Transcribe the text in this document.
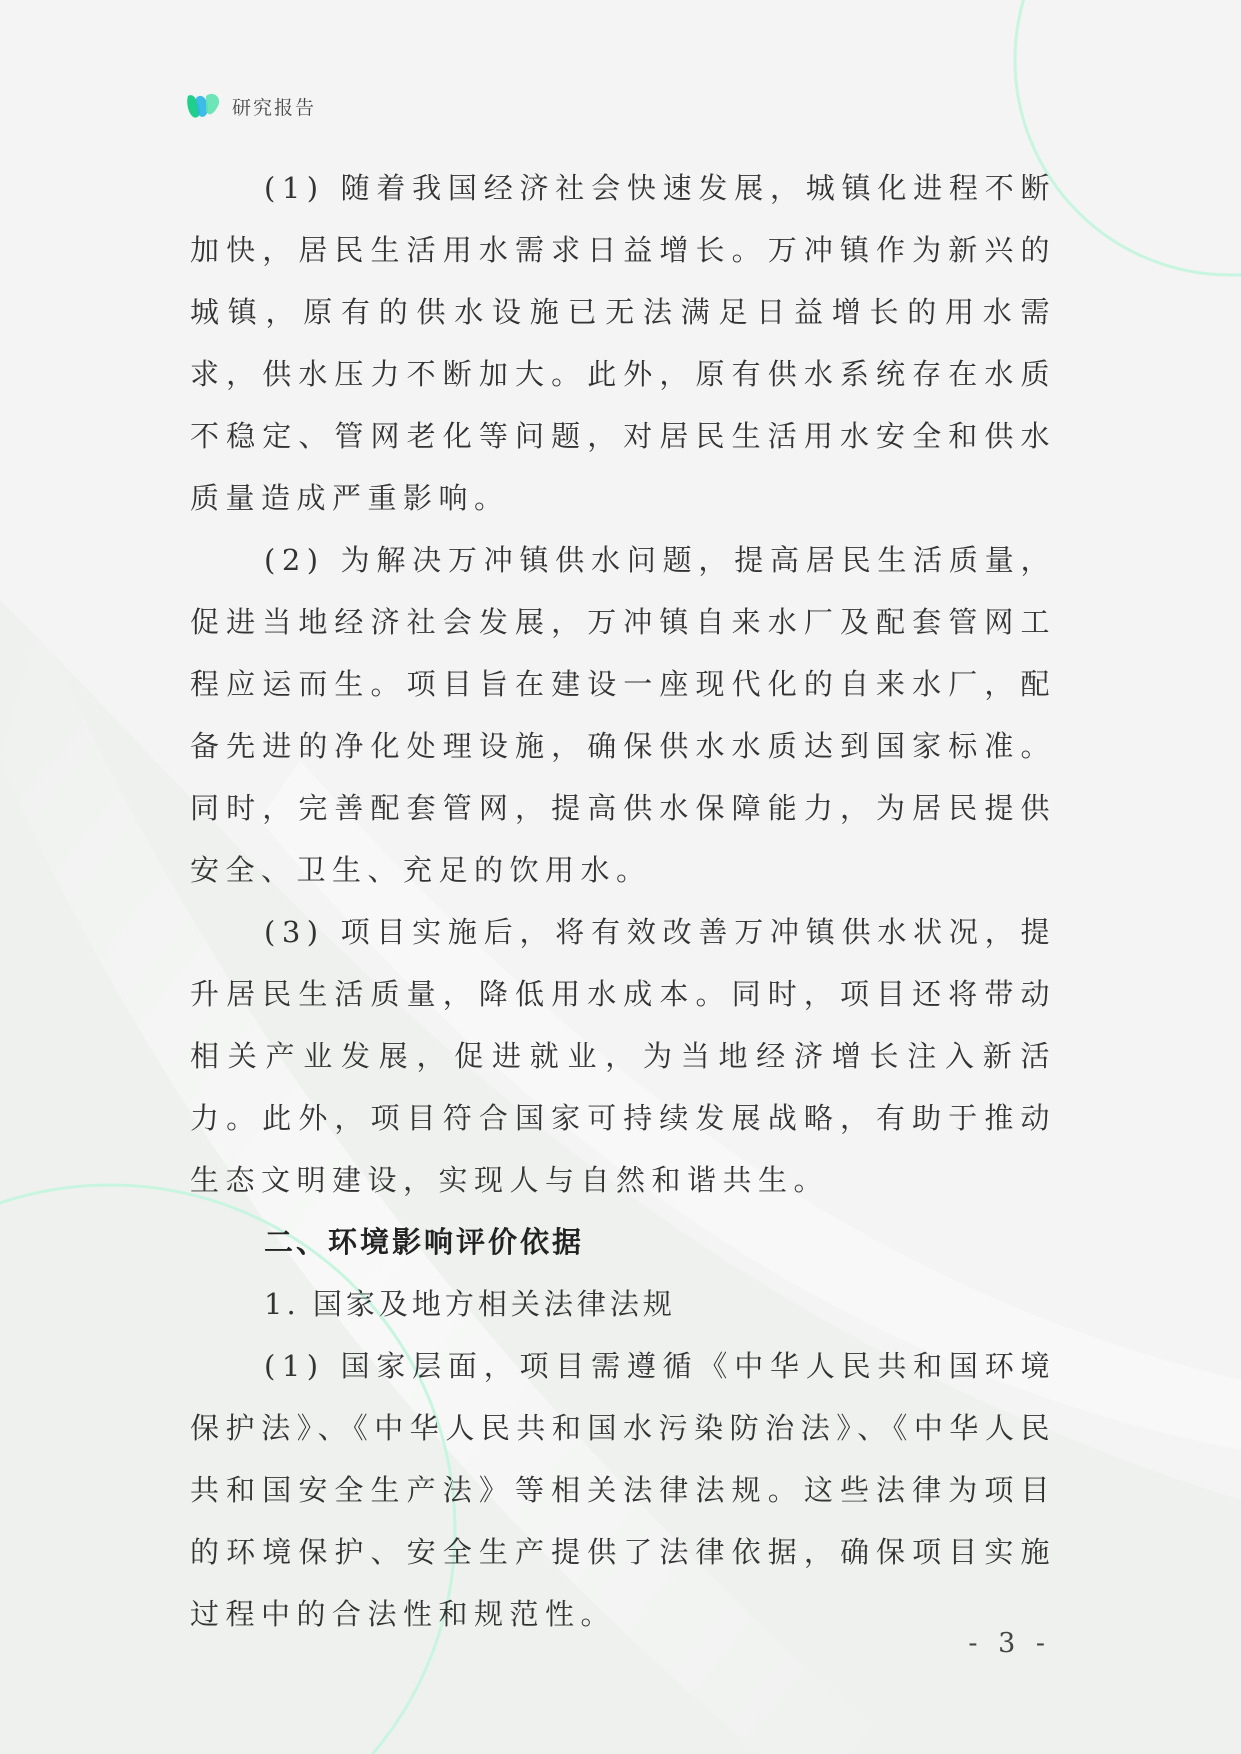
研究报告

(1) 随着我国经济社会快速发展，城镇化进程不断加快，居民生活用水需求日益增长。万冲镇作为新兴的城镇，原有的供水设施已无法满足日益增长的用水需求，供水压力不断加大。此外，原有供水系统存在水质不稳定、管网老化等问题，对居民生活用水安全和供水质量造成严重影响。

(2) 为解决万冲镇供水问题，提高居民生活质量，促进当地经济社会发展，万冲镇自来水厂及配套管网工程应运而生。项目旨在建设一座现代化的自来水厂，配备先进的净化处理设施，确保供水水质达到国家标准。同时，完善配套管网，提高供水保障能力，为居民提供安全、卫生、充足的饮用水。

(3) 项目实施后，将有效改善万冲镇供水状况，提升居民生活质量，降低用水成本。同时，项目还将带动相关产业发展，促进就业，为当地经济增长注入新活力。此外，项目符合国家可持续发展战略，有助于推动生态文明建设，实现人与自然和谐共生。

二、环境影响评价依据

1. 国家及地方相关法律法规

(1) 国家层面，项目需遵循《中华人民共和国环境保护法》、《中华人民共和国水污染防治法》、《中华人民共和国安全生产法》等相关法律法规。这些法律为项目的环境保护、安全生产提供了法律依据，确保项目实施过程中的合法性和规范性。

- 3 -
